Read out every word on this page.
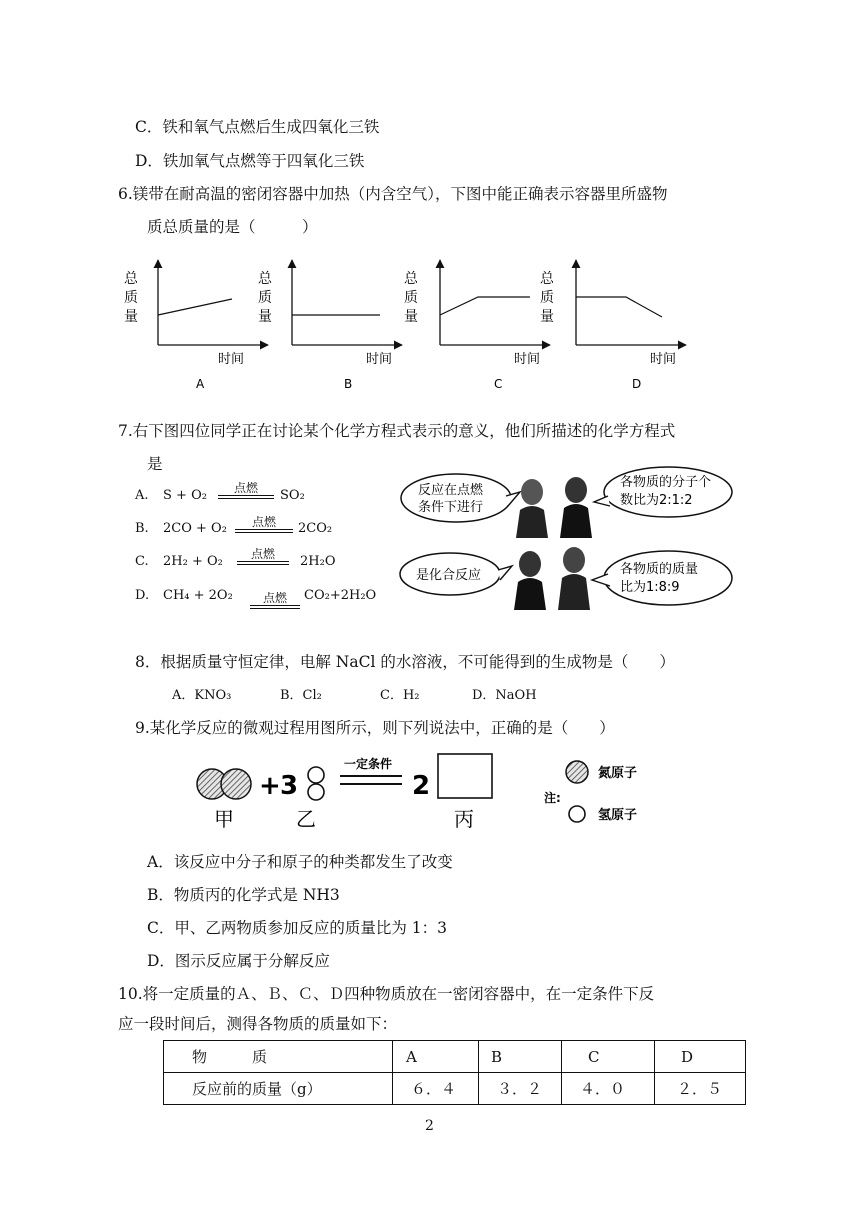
C．铁和氧气点燃后生成四氧化三铁
D．铁加氧气点燃等于四氧化三铁
6.镁带在耐高温的密闭容器中加热（内含空气），下图中能正确表示容器里所盛物
质总质量的是（　　　）
总
质
量
时间
A
总
质
量
时间
B
总
质
量
时间
C
总
质
量
时间
D
7.右下图四位同学正在讨论某个化学方程式表示的意义，他们所描述的化学方程式
是
A. S + O₂	点燃	SO₂
B. 2CO + O₂	点燃	2CO₂
C. 2H₂ + O₂	点燃	2H₂O
D. CH₄ + 2O₂	点燃	CO₂+2H₂O
反应在点燃
条件下进行
各物质的分子个
数比为2:1:2
是化合反应	各物质的质量
比为1:8:9
8．根据质量守恒定律，电解 NaCl 的水溶液，不可能得到的生成物是（　　）
A．KNO₃	B．Cl₂	C．H₂	D．NaOH
9.某化学反应的微观过程用图所示，则下列说法中，正确的是（　　）
+ 3
一定条件
2
甲	乙	丙
氮原子
注:
氢原子
A．该反应中分子和原子的种类都发生了改变
B．物质丙的化学式是 NH3
C．甲、乙两物质参加反应的质量比为 1：3
D．图示反应属于分解反应
10.将一定质量的Ａ、Ｂ、Ｃ、Ｄ四种物质放在一密闭容器中，在一定条件下反
应一段时间后，测得各物质的质量如下：
物　　　质	A	B	C	D
反应前的质量（g）	６．４	３．２	４．０	２．５
2
